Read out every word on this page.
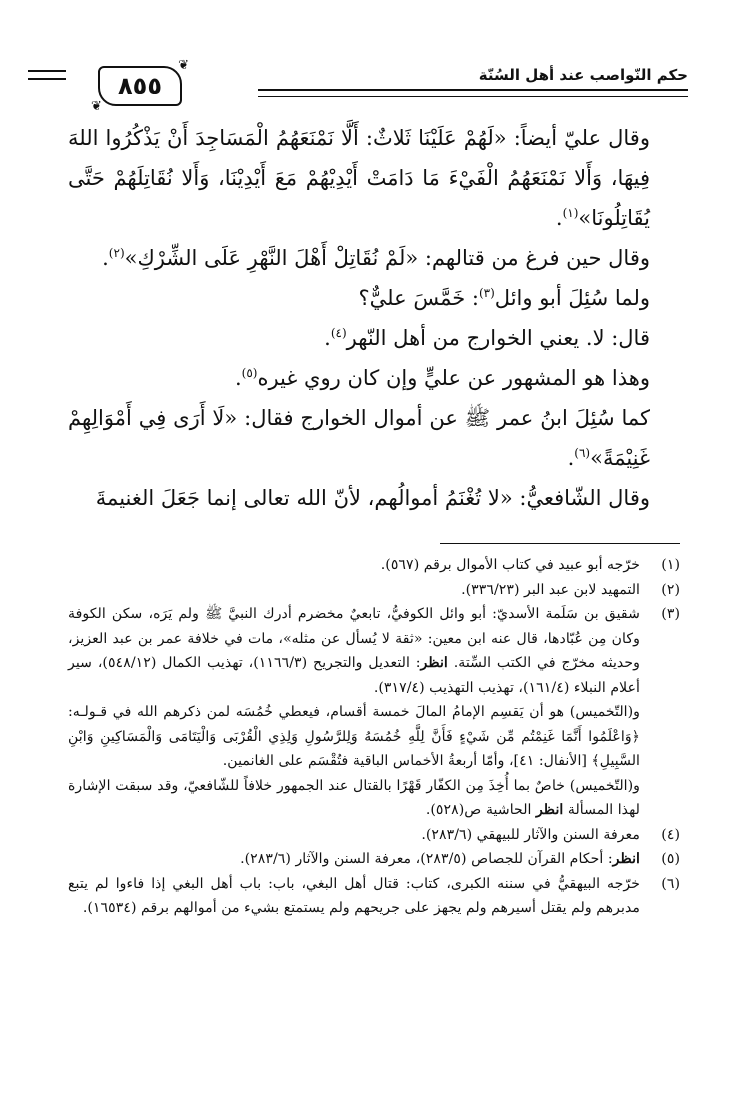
حكم النّواصب عند أهل السُنّة
❦
٨٥٥
❦

وقال عليّ أيضاً: «لَهُمْ عَلَيْنَا ثَلاثٌ: أَلَّا نَمْنَعَهُمُ الْمَسَاجِدَ أَنْ يَذْكُرُوا اللهَ فِيهَا، وَأَلا نَمْنَعَهُمُ الْفَيْءَ مَا دَامَتْ أَيْدِيْهُمْ مَعَ أَيْدِيْنَا، وَأَلا نُقَاتِلَهُمْ حَتَّى يُقَاتِلُونَا»$^{(١)}$.

وقال حين فرغ من قتالهم: «لَمْ نُقَاتِلْ أَهْلَ النَّهْرِ عَلَى الشِّرْكِ»$^{(٢)}$.

ولما سُئِلَ أبو وائل$^{(٣)}$: خَمَّسَ عليٌّ؟

قال: لا. يعني الخوارج من أهل النّهر$^{(٤)}$.

وهذا هو المشهور عن عليٍّ وإن كان روي غيره$^{(٥)}$.

كما سُئِلَ ابنُ عمر ﷺ عن أموال الخوارج فقال: «لَا أَرَى فِي أَمْوَالِهِمْ غَنِيْمَةً»$^{(٦)}$.

وقال الشّافعيُّ: «لا تُغْنَمُ أموالُهم، لأنّ الله تعالى إنما جَعَلَ الغنيمةَ

(١)
خرّجه أبو عبيد في كتاب الأموال برقم (٥٦٧).
(٢)
التمهيد لابن عبد البر (٣٣٦/٢٣).
(٣)
شقيق بن سَلَمة الأسديّ: أبو وائل الكوفيُّ، تابعيٌ مخضرم أدرك النبيَّ ﷺ ولم يَرَه، سكن الكوفة وكان مِن عُبّادها، قال عنه ابن معين: «ثقة لا يُسأل عن مثله»، مات في خلافة عمر بن عبد العزيز، وحديثه مخرّج في الكتب السِّتة. انظر: التعديل والتجريح (١١٦٦/٣)، تهذيب الكمال (٥٤٨/١٢)، سير أعلام النبلاء (١٦١/٤)، تهذيب التهذيب (٣١٧/٤).

و(التّخميس) هو أن يَقسِم الإمامُ المالَ خمسة أقسام، فيعطي خُمُسَه لمن ذكرهم الله في قـولـه: ﴿وَاعْلَمُوا أَنَّمَا غَنِمْتُم مِّن شَيْءٍ فَأَنَّ لِلَّهِ خُمُسَهُ وَلِلرَّسُولِ وَلِذِي الْقُرْبَى وَالْيَتَامَى وَالْمَسَاكِينِ وَابْنِ السَّبِيلِ﴾ [الأنفال: ٤١]، وأمّا أربعةُ الأخماس الباقية فتُقْسَم على الغانمين.

و(التّخميس) خاصٌ بما أُخِذَ مِن الكفّار قَهْرًا بالقتال عند الجمهور خلافاً للشّافعيّ، وقد سبقت الإشارة لهذا المسألة انظر الحاشية ص(٥٢٨).

(٤)
معرفة السنن والآثار للبيهقي (٢٨٣/٦).
(٥)
انظر: أحكام القرآن للجصاص (٢٨٣/٥)، معرفة السنن والآثار (٢٨٣/٦).
(٦)
خرّجه البيهقيُّ في سننه الكبرى، كتاب: قتال أهل البغي، باب: باب أهل البغي إذا فاءوا لم يتبع مدبرهم ولم يقتل أسيرهم ولم يجهز على جريحهم ولم يستمتع بشيء من أموالهم برقم (١٦٥٣٤).
